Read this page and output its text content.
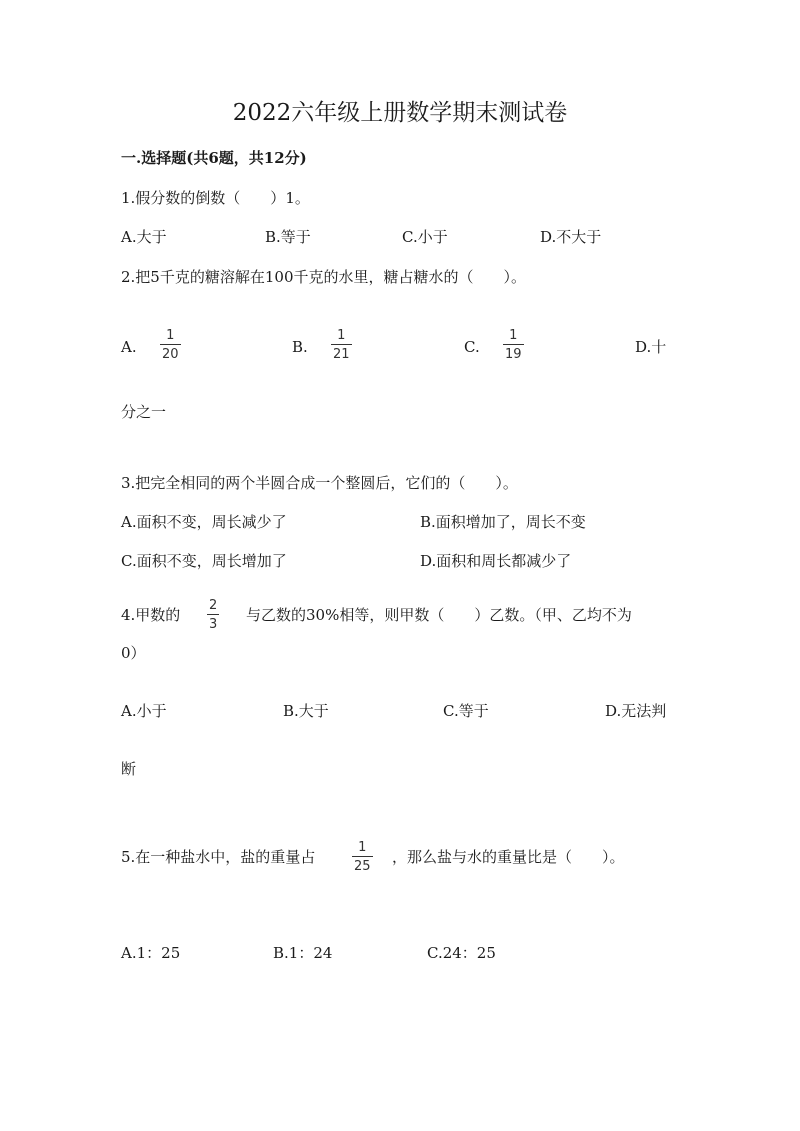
2022六年级上册数学期末测试卷
一.选择题(共6题，共12分)
1.假分数的倒数（　　）1。
A.大于	B.等于	C.小于	D.不大于
2.把5千克的糖溶解在100千克的水里，糖占糖水的（　　）。
A.
1
20	B.
1
21	C.
1
19	D.十
分之一
3.把完全相同的两个半圆合成一个整圆后，它们的（　　）。
A.面积不变，周长减少了	B.面积增加了，周长不变
C.面积不变，周长增加了	D.面积和周长都减少了
4.甲数的
2
3
与乙数的30%相等，则甲数（　　）乙数。（甲、乙均不为
0）
A.小于	B.大于	C.等于	D.无法判
断
5.在一种盐水中，盐的重量占
1
25
，那么盐与水的重量比是（　　）。
A.1：25	B.1：24	C.24：25
